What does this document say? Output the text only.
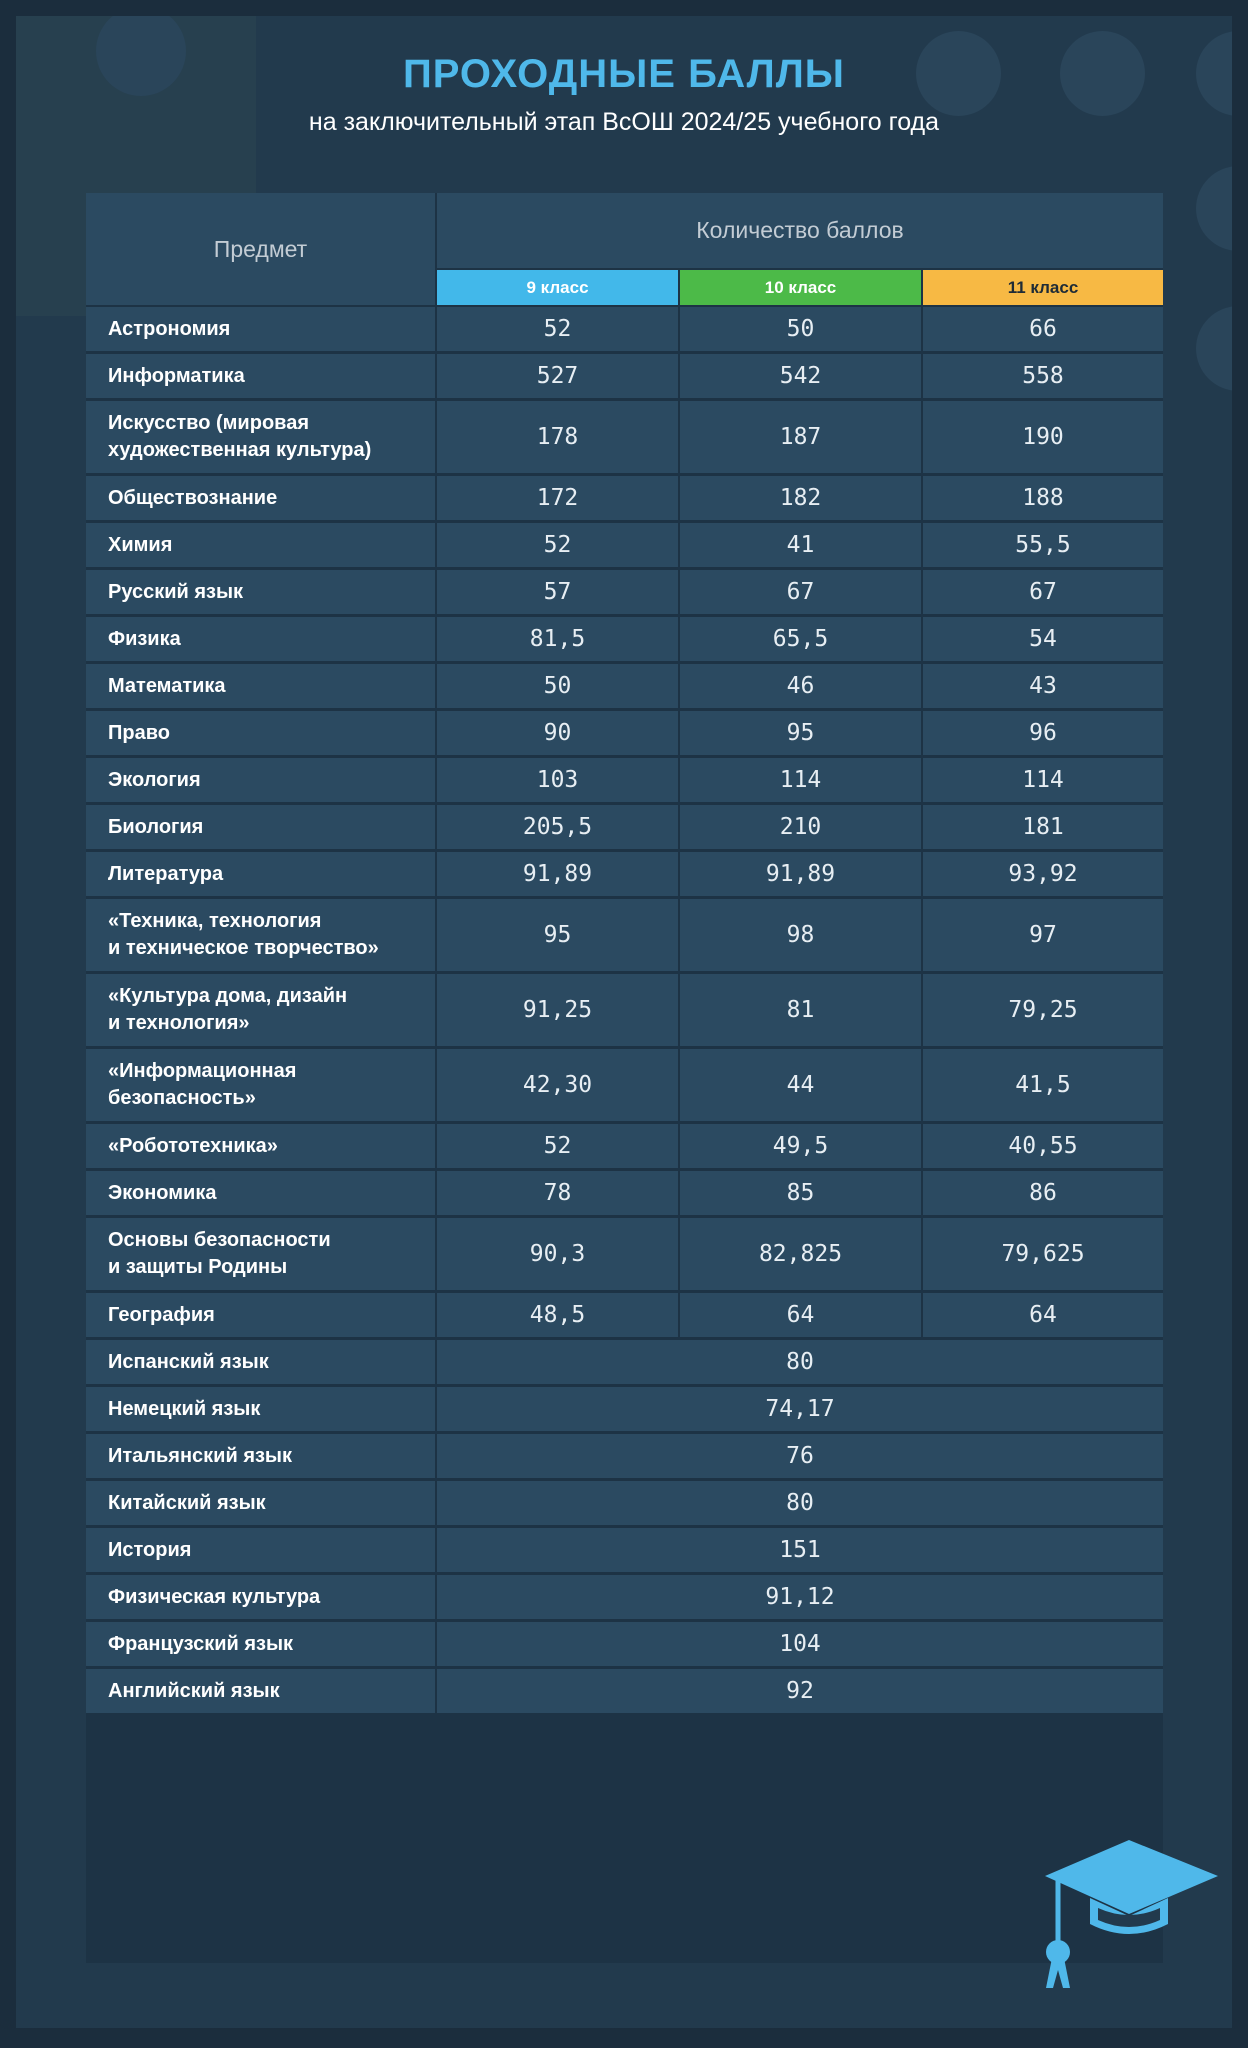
ПРОХОДНЫЕ БАЛЛЫ
на заключительный этап ВсОШ 2024/25 учебного года
Предмет
Количество баллов
9 класс	10 класс	11 класс
Астрономия	52	50	66
Информатика	527	542	558
Искусство (мировая
художественная культура)	178	187	190
Обществознание	172	182	188
Химия	52	41	55,5
Русский язык	57	67	67
Физика	81,5	65,5	54
Математика	50	46	43
Право	90	95	96
Экология	103	114	114
Биология	205,5	210	181
Литература	91,89	91,89	93,92
«Техника, технология
и техническое творчество»	95	98	97
«Культура дома, дизайн
и технология»	91,25	81	79,25
«Информационная
безопасность»	42,30	44	41,5
«Робототехника»	52	49,5	40,55
Экономика	78	85	86
Основы безопасности
и защиты Родины	90,3	82,825	79,625
География	48,5	64	64
Испанский язык	80
Немецкий язык	74,17
Итальянский язык	76
Китайский язык	80
История	151
Физическая культура	91,12
Французский язык	104
Английский язык	92
